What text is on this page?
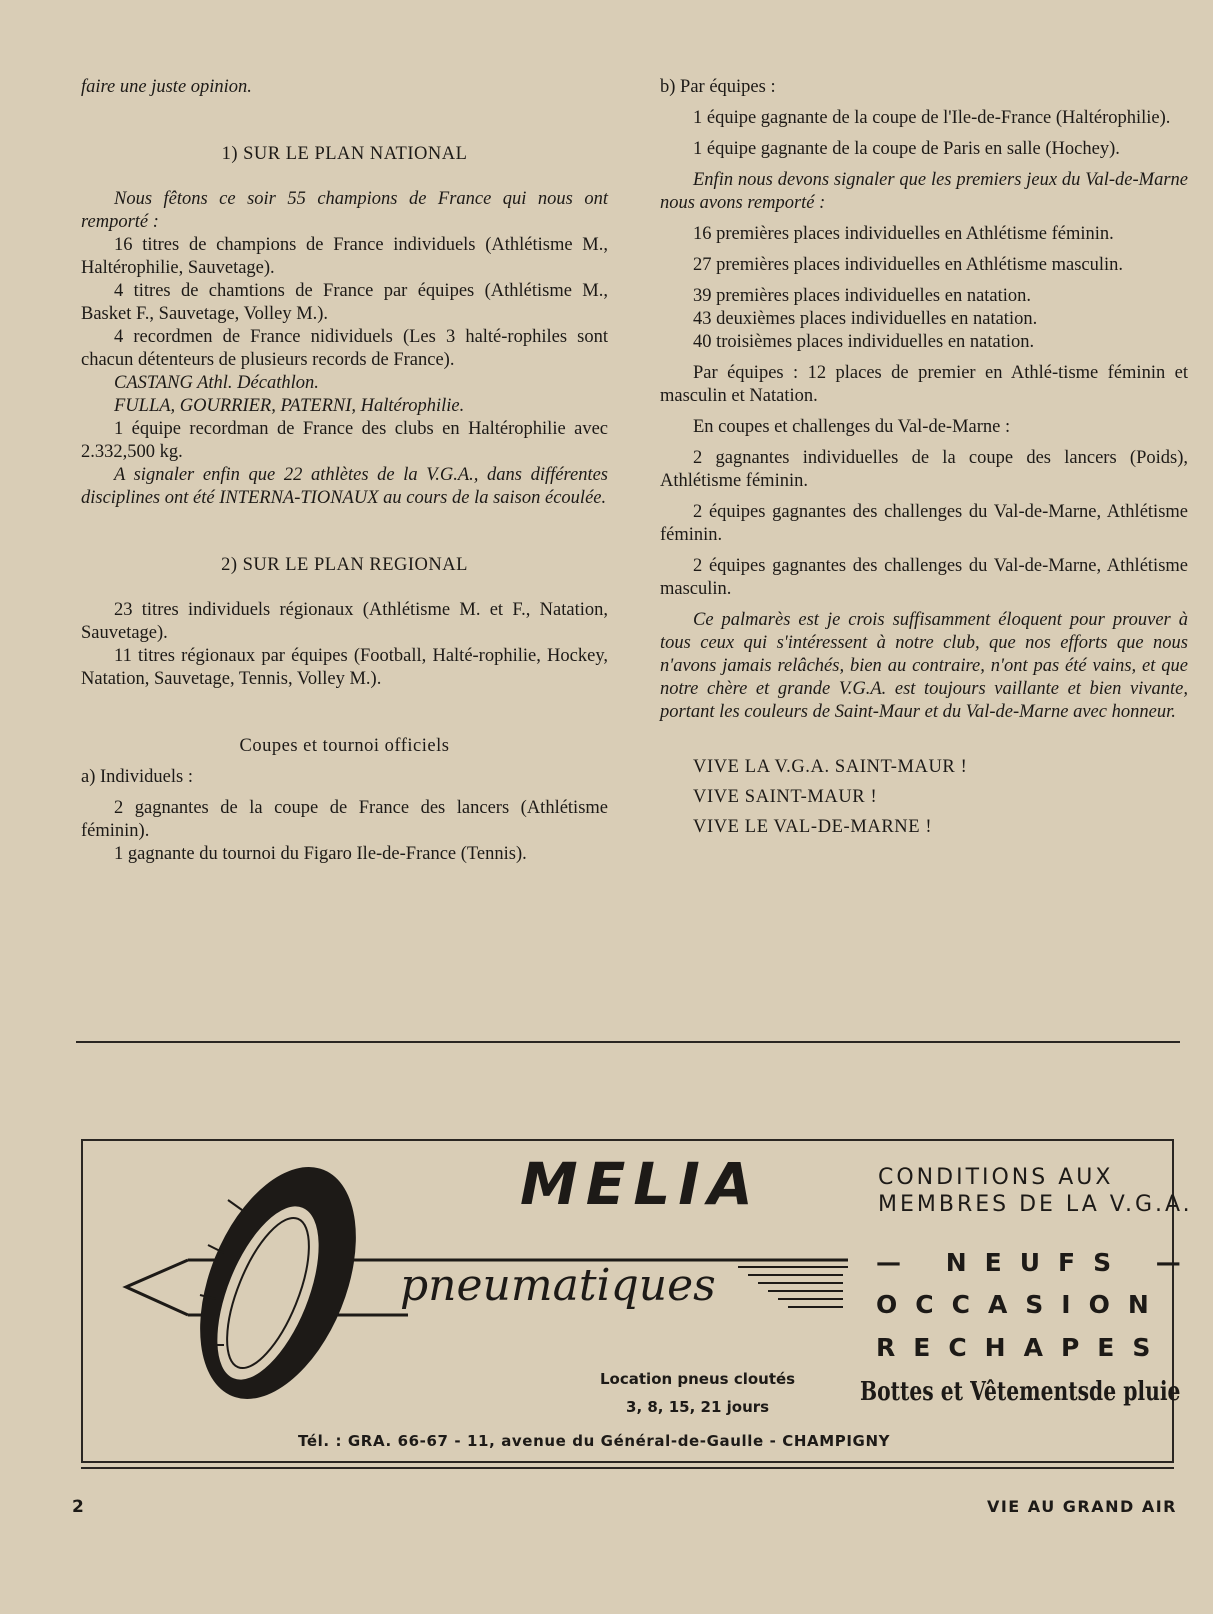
faire une juste opinion.

1) SUR LE PLAN NATIONAL

Nous fêtons ce soir 55 champions de France qui nous ont remporté :

16 titres de champions de France individuels (Athlétisme M., Haltérophilie, Sauvetage).

4 titres de chamtions de France par équipes (Athlétisme M., Basket F., Sauvetage, Volley M.).

4 recordmen de France nidividuels (Les 3 halté-rophiles sont chacun détenteurs de plusieurs records de France).

CASTANG Athl. Décathlon.

FULLA, GOURRIER, PATERNI, Haltérophilie.

1 équipe recordman de France des clubs en Haltérophilie avec 2.332,500 kg.

A signaler enfin que 22 athlètes de la V.G.A., dans différentes disciplines ont été INTERNA-TIONAUX au cours de la saison écoulée.

2) SUR LE PLAN REGIONAL

23 titres individuels régionaux (Athlétisme M. et F., Natation, Sauvetage).

11 titres régionaux par équipes (Football, Halté-rophilie, Hockey, Natation, Sauvetage, Tennis, Volley M.).

Coupes et tournoi officiels

a) Individuels :

2 gagnantes de la coupe de France des lancers (Athlétisme féminin).

1 gagnante du tournoi du Figaro Ile-de-France (Tennis).

b) Par équipes :

1 équipe gagnante de la coupe de l'Ile-de-France (Haltérophilie).

1 équipe gagnante de la coupe de Paris en salle (Hochey).

Enfin nous devons signaler que les premiers jeux du Val-de-Marne nous avons remporté :

16 premières places individuelles en Athlétisme féminin.

27 premières places individuelles en Athlétisme masculin.

39 premières places individuelles en natation.

43 deuxièmes places individuelles en natation.

40 troisièmes places individuelles en natation.

Par équipes : 12 places de premier en Athlé-tisme féminin et masculin et Natation.

En coupes et challenges du Val-de-Marne :

2 gagnantes individuelles de la coupe des lancers (Poids), Athlétisme féminin.

2 équipes gagnantes des challenges du Val-de-Marne, Athlétisme féminin.

2 équipes gagnantes des challenges du Val-de-Marne, Athlétisme masculin.

Ce palmarès est je crois suffisamment éloquent pour prouver à tous ceux qui s'intéressent à notre club, que nos efforts que nous n'avons jamais relâchés, bien au contraire, n'ont pas été vains, et que notre chère et grande V.G.A. est toujours vaillante et bien vivante, portant les couleurs de Saint-Maur et du Val-de-Marne avec honneur.

VIVE LA V.G.A. SAINT-MAUR !

VIVE SAINT-MAUR !

VIVE LE VAL-DE-MARNE !

MELIA
pneumatiques
Location pneus cloutés
3, 8, 15, 21 jours
CONDITIONS AUX
MEMBRES DE LA V.G.A.
— NEUFS —
OCCASION
RECHAPES
Bottes et Vêtementsde pluie
Tél. : GRA. 66-67 - 11, avenue du Général-de-Gaulle - CHAMPIGNY
2	VIE AU GRAND AIR
